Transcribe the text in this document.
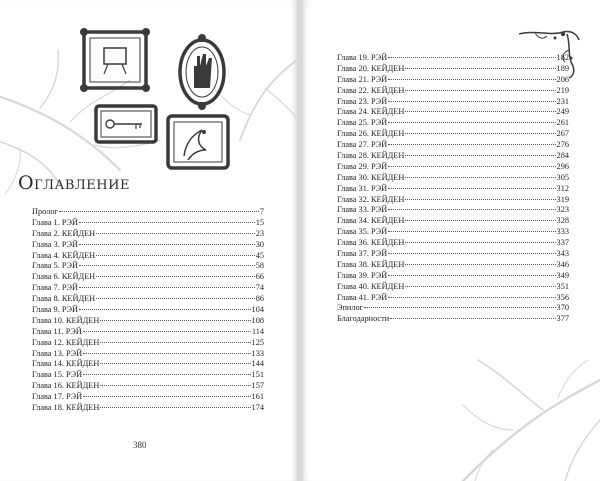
Оглавление
Пролог	7
Глава 1. РЭЙ	15
Глава 2. КЕЙДЕН	23
Глава 3. РЭЙ	30
Глава 4. КЕЙДЕН	45
Глава 5. РЭЙ	58
Глава 6. КЕЙДЕН	66
Глава 7. РЭЙ	74
Глава 8. КЕЙДЕН	86
Глава 9. РЭЙ	104
Глава 10. КЕЙДЕН	108
Глава 11. РЭЙ	114
Глава 12. КЕЙДЕН	125
Глава 13. РЭЙ	133
Глава 14. КЕЙДЕН	144
Глава 15. РЭЙ	151
Глава 16. КЕЙДЕН	157
Глава 17. РЭЙ	161
Глава 18. КЕЙДЕН	174
380
Глава 19. РЭЙ	182
Глава 20. КЕЙДЕН	189
Глава 21. РЭЙ	206
Глава 22. КЕЙДЕН	219
Глава 23. РЭЙ	231
Глава 24. КЕЙДЕН	249
Глава 25. РЭЙ	261
Глава 26. КЕЙДЕН	267
Глава 27. РЭЙ	276
Глава 28. КЕЙДЕН	284
Глава 29. РЭЙ	296
Глава 30. КЕЙДЕН	305
Глава 31. РЭЙ	312
Глава 32. КЕЙДЕН	319
Глава 33. РЭЙ	323
Глава 34. КЕЙДЕН	328
Глава 35. РЭЙ	333
Глава 36. КЕЙДЕН	337
Глава 37. РЭЙ	343
Глава 38. КЕЙДЕН	346
Глава 39. РЭЙ	349
Глава 40. КЕЙДЕН	351
Глава 41. РЭЙ	356
Эпилог	370
Благодарности	377
